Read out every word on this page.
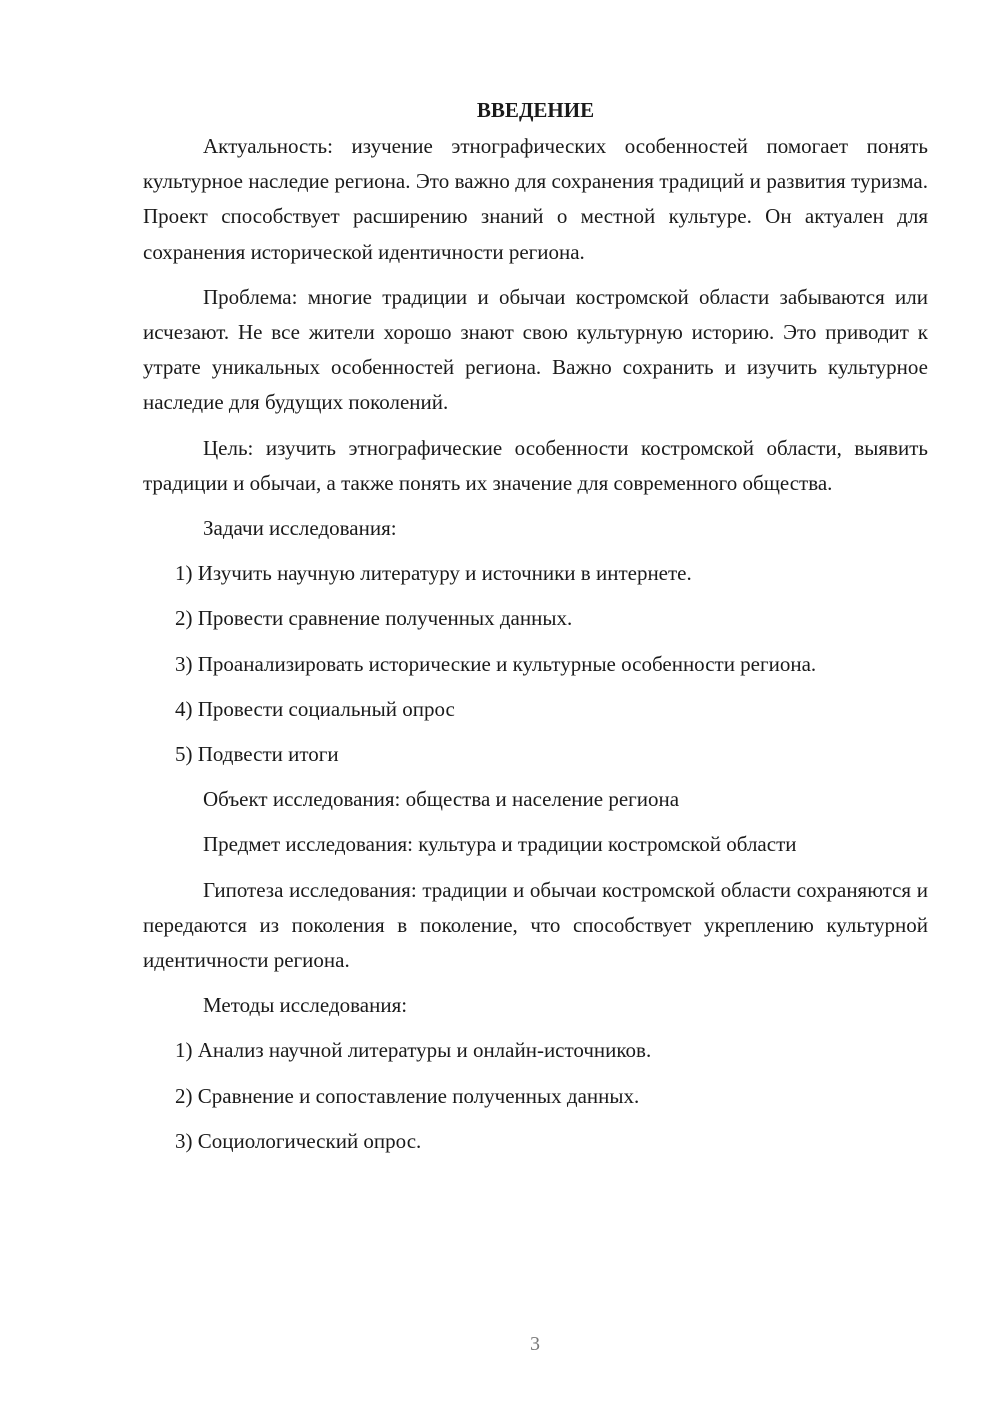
ВВЕДЕНИЕ

Актуальность: изучение этнографических особенностей помогает понять культурное наследие региона. Это важно для сохранения традиций и развития туризма. Проект способствует расширению знаний о местной культуре. Он актуален для сохранения исторической идентичности региона.

Проблема: многие традиции и обычаи костромской области забываются или исчезают. Не все жители хорошо знают свою культурную историю. Это приводит к утрате уникальных особенностей региона. Важно сохранить и изучить культурное наследие для будущих поколений.

Цель: изучить этнографические особенности костромской области, выявить традиции и обычаи, а также понять их значение для современного общества.

Задачи исследования:

1) Изучить научную литературу и источники в интернете.

2) Провести сравнение полученных данных.

3) Проанализировать исторические и культурные особенности региона.

4) Провести социальный опрос

5) Подвести итоги

Объект исследования: общества и население региона

Предмет исследования: культура и традиции костромской области

Гипотеза исследования: традиции и обычаи костромской области сохраняются и передаются из поколения в поколение, что способствует укреплению культурной идентичности региона.

Методы исследования:

1) Анализ научной литературы и онлайн-источников.

2) Сравнение и сопоставление полученных данных.

3) Социологический опрос.

3
